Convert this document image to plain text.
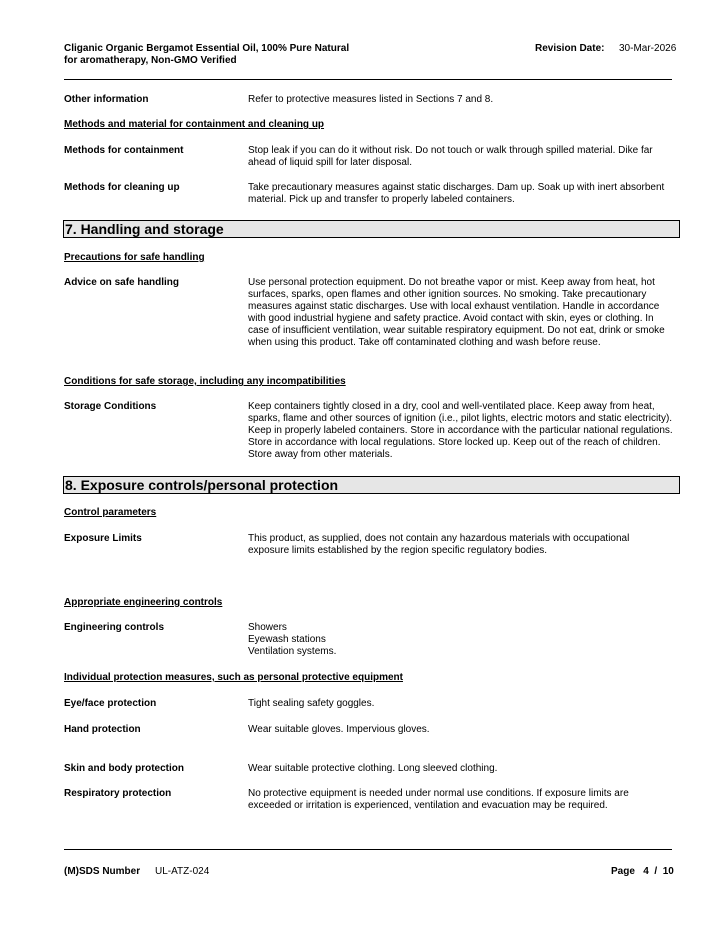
Cliganic Organic Bergamot Essential Oil, 100% Pure Natural
for aromatherapy, Non-GMO Verified
Revision Date: 30-Mar-2026
Other information	Refer to protective measures listed in Sections 7 and 8.
Methods and material for containment and cleaning up
Methods for containment	Stop leak if you can do it without risk. Do not touch or walk through spilled material. Dike far ahead of liquid spill for later disposal.
Methods for cleaning up	Take precautionary measures against static discharges. Dam up. Soak up with inert absorbent material. Pick up and transfer to properly labeled containers.
7. Handling and storage
Precautions for safe handling
Advice on safe handling	Use personal protection equipment. Do not breathe vapor or mist. Keep away from heat, hot surfaces, sparks, open flames and other ignition sources. No smoking. Take precautionary measures against static discharges. Use with local exhaust ventilation. Handle in accordance with good industrial hygiene and safety practice. Avoid contact with skin, eyes or clothing. In case of insufficient ventilation, wear suitable respiratory equipment. Do not eat, drink or smoke when using this product. Take off contaminated clothing and wash before reuse.
Conditions for safe storage, including any incompatibilities
Storage Conditions	Keep containers tightly closed in a dry, cool and well-ventilated place. Keep away from heat, sparks, flame and other sources of ignition (i.e., pilot lights, electric motors and static electricity). Keep in properly labeled containers. Store in accordance with the particular national regulations. Store in accordance with local regulations. Store locked up. Keep out of the reach of children. Store away from other materials.
8. Exposure controls/personal protection
Control parameters
Exposure Limits	This product, as supplied, does not contain any hazardous materials with occupational exposure limits established by the region specific regulatory bodies.
Appropriate engineering controls
Engineering controls	Showers
Eyewash stations
Ventilation systems.
Individual protection measures, such as personal protective equipment
Eye/face protection	Tight sealing safety goggles.
Hand protection	Wear suitable gloves. Impervious gloves.
Skin and body protection	Wear suitable protective clothing. Long sleeved clothing.
Respiratory protection	No protective equipment is needed under normal use conditions. If exposure limits are exceeded or irritation is experienced, ventilation and evacuation may be required.
(M)SDS Number UL-ATZ-024	Page   4  /  10
